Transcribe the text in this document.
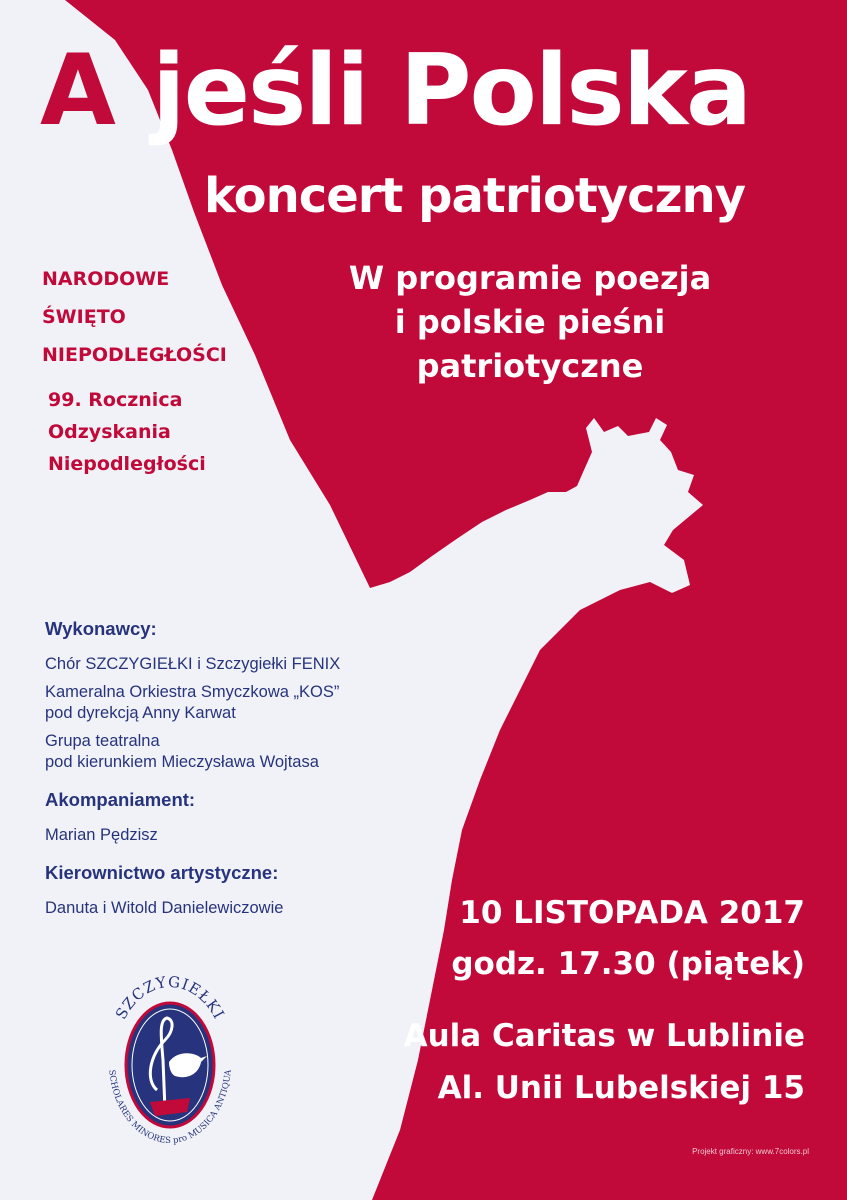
A jeśli Polska
koncert patriotyczny
W programie poezja
i polskie pieśni
patriotyczne
NARODOWE
ŚWIĘTO
NIEPODLEGŁOŚCI
99. Rocznica
Odzyskania
Niepodległości
Wykonawcy:
Chór SZCZYGIEŁKI i Szczygiełki FENIX
Kameralna Orkiestra Smyczkowa „KOS”
pod dyrekcją Anny Karwat
Grupa teatralna
pod kierunkiem Mieczysława Wojtasa
Akompaniament:
Marian Pędzisz
Kierownictwo artystyczne:
Danuta i Witold Danielewiczowie	10 LISTOPADA 2017
godz. 17.30 (piątek)
Aula Caritas w Lublinie
Al. Unii Lubelskiej 15
SZCZYGIEŁKI
SCHOLARES MINORES pro MUSICA ANTIQUA
Projekt graficzny: www.7colors.pl
